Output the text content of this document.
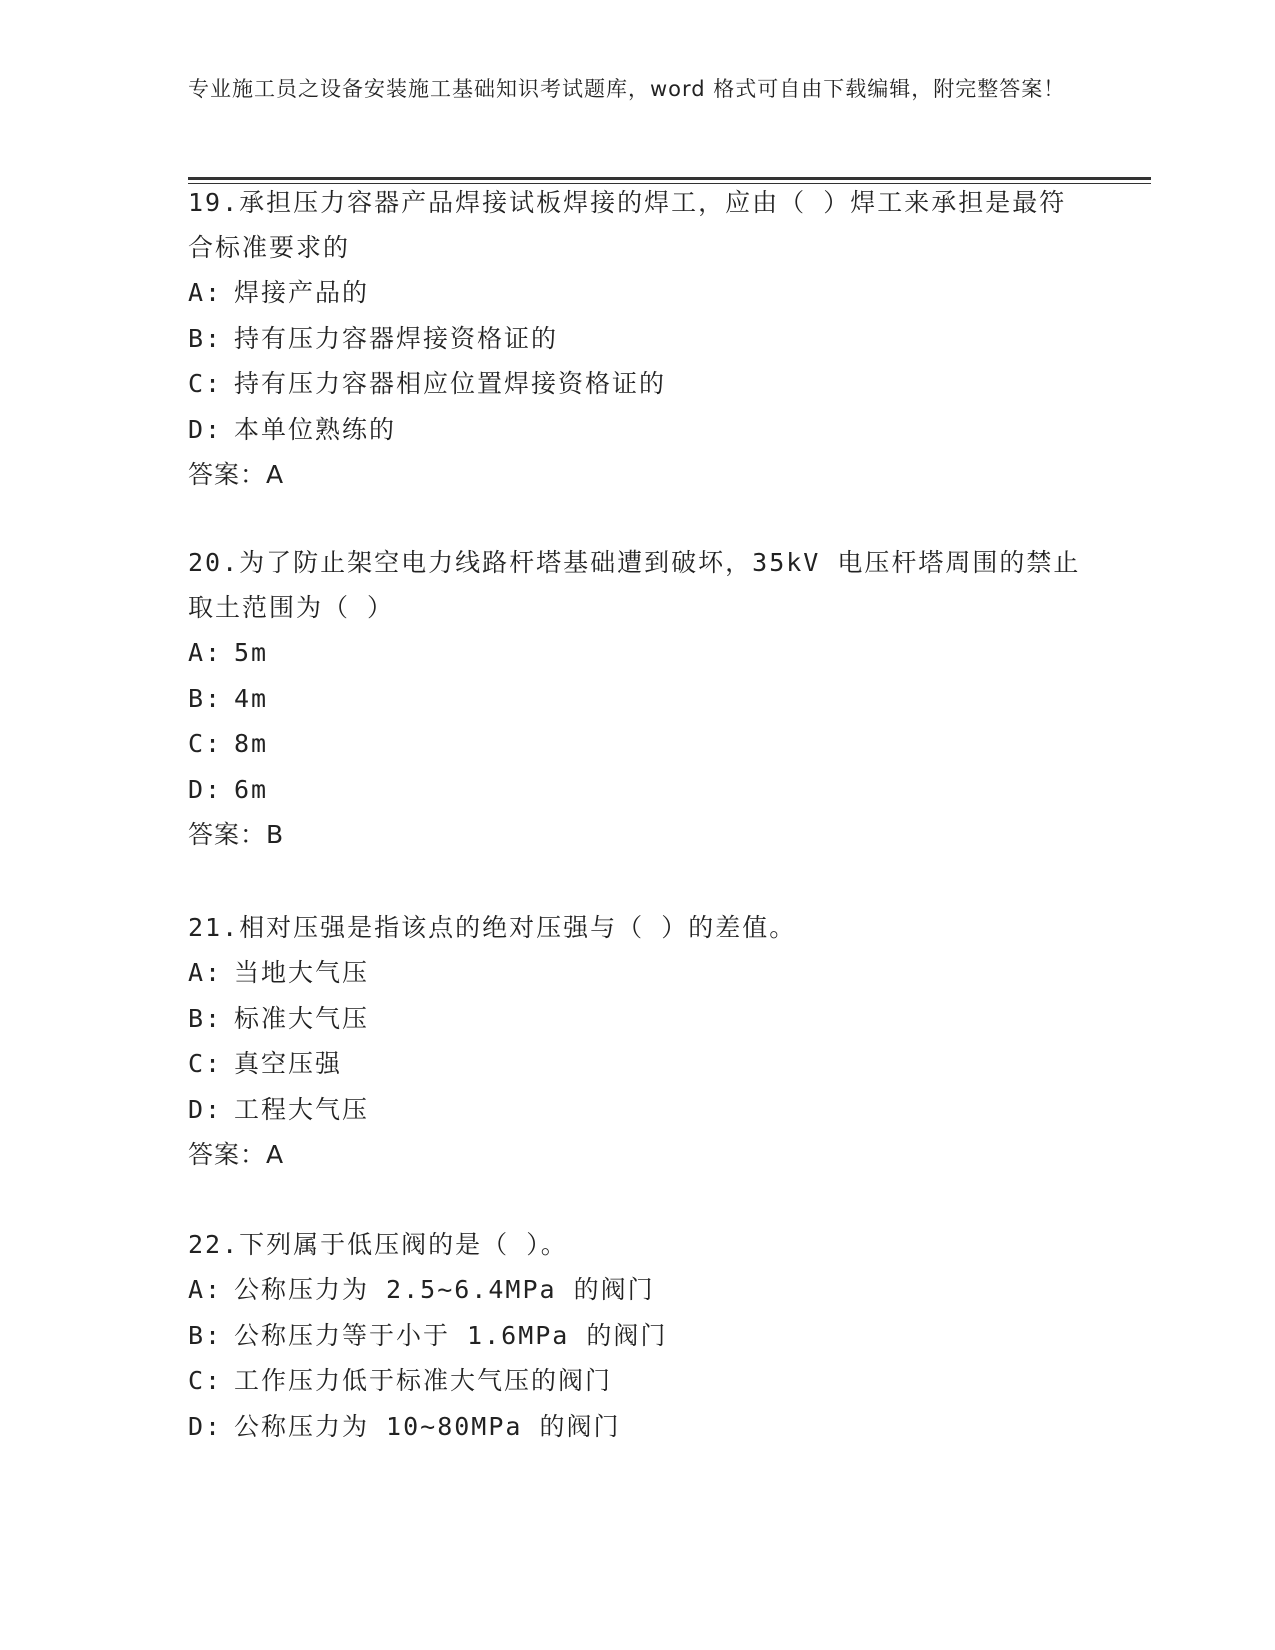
专业施工员之设备安装施工基础知识考试题库，word 格式可自由下载编辑，附完整答案！

19.承担压力容器产品焊接试板焊接的焊工，应由（ ）焊工来承担是最符合标准要求的

A: 焊接产品的

B: 持有压力容器焊接资格证的

C: 持有压力容器相应位置焊接资格证的

D: 本单位熟练的

答案：A

20.为了防止架空电力线路杆塔基础遭到破坏，35kV 电压杆塔周围的禁止取土范围为（ ）

A: 5m

B: 4m

C: 8m

D: 6m

答案：B

21.相对压强是指该点的绝对压强与（ ）的差值。

A: 当地大气压

B: 标准大气压

C: 真空压强

D: 工程大气压

答案：A

22.下列属于低压阀的是（ ）。

A: 公称压力为 2.5~6.4MPa 的阀门

B: 公称压力等于小于 1.6MPa 的阀门

C: 工作压力低于标准大气压的阀门

D: 公称压力为 10~80MPa 的阀门
